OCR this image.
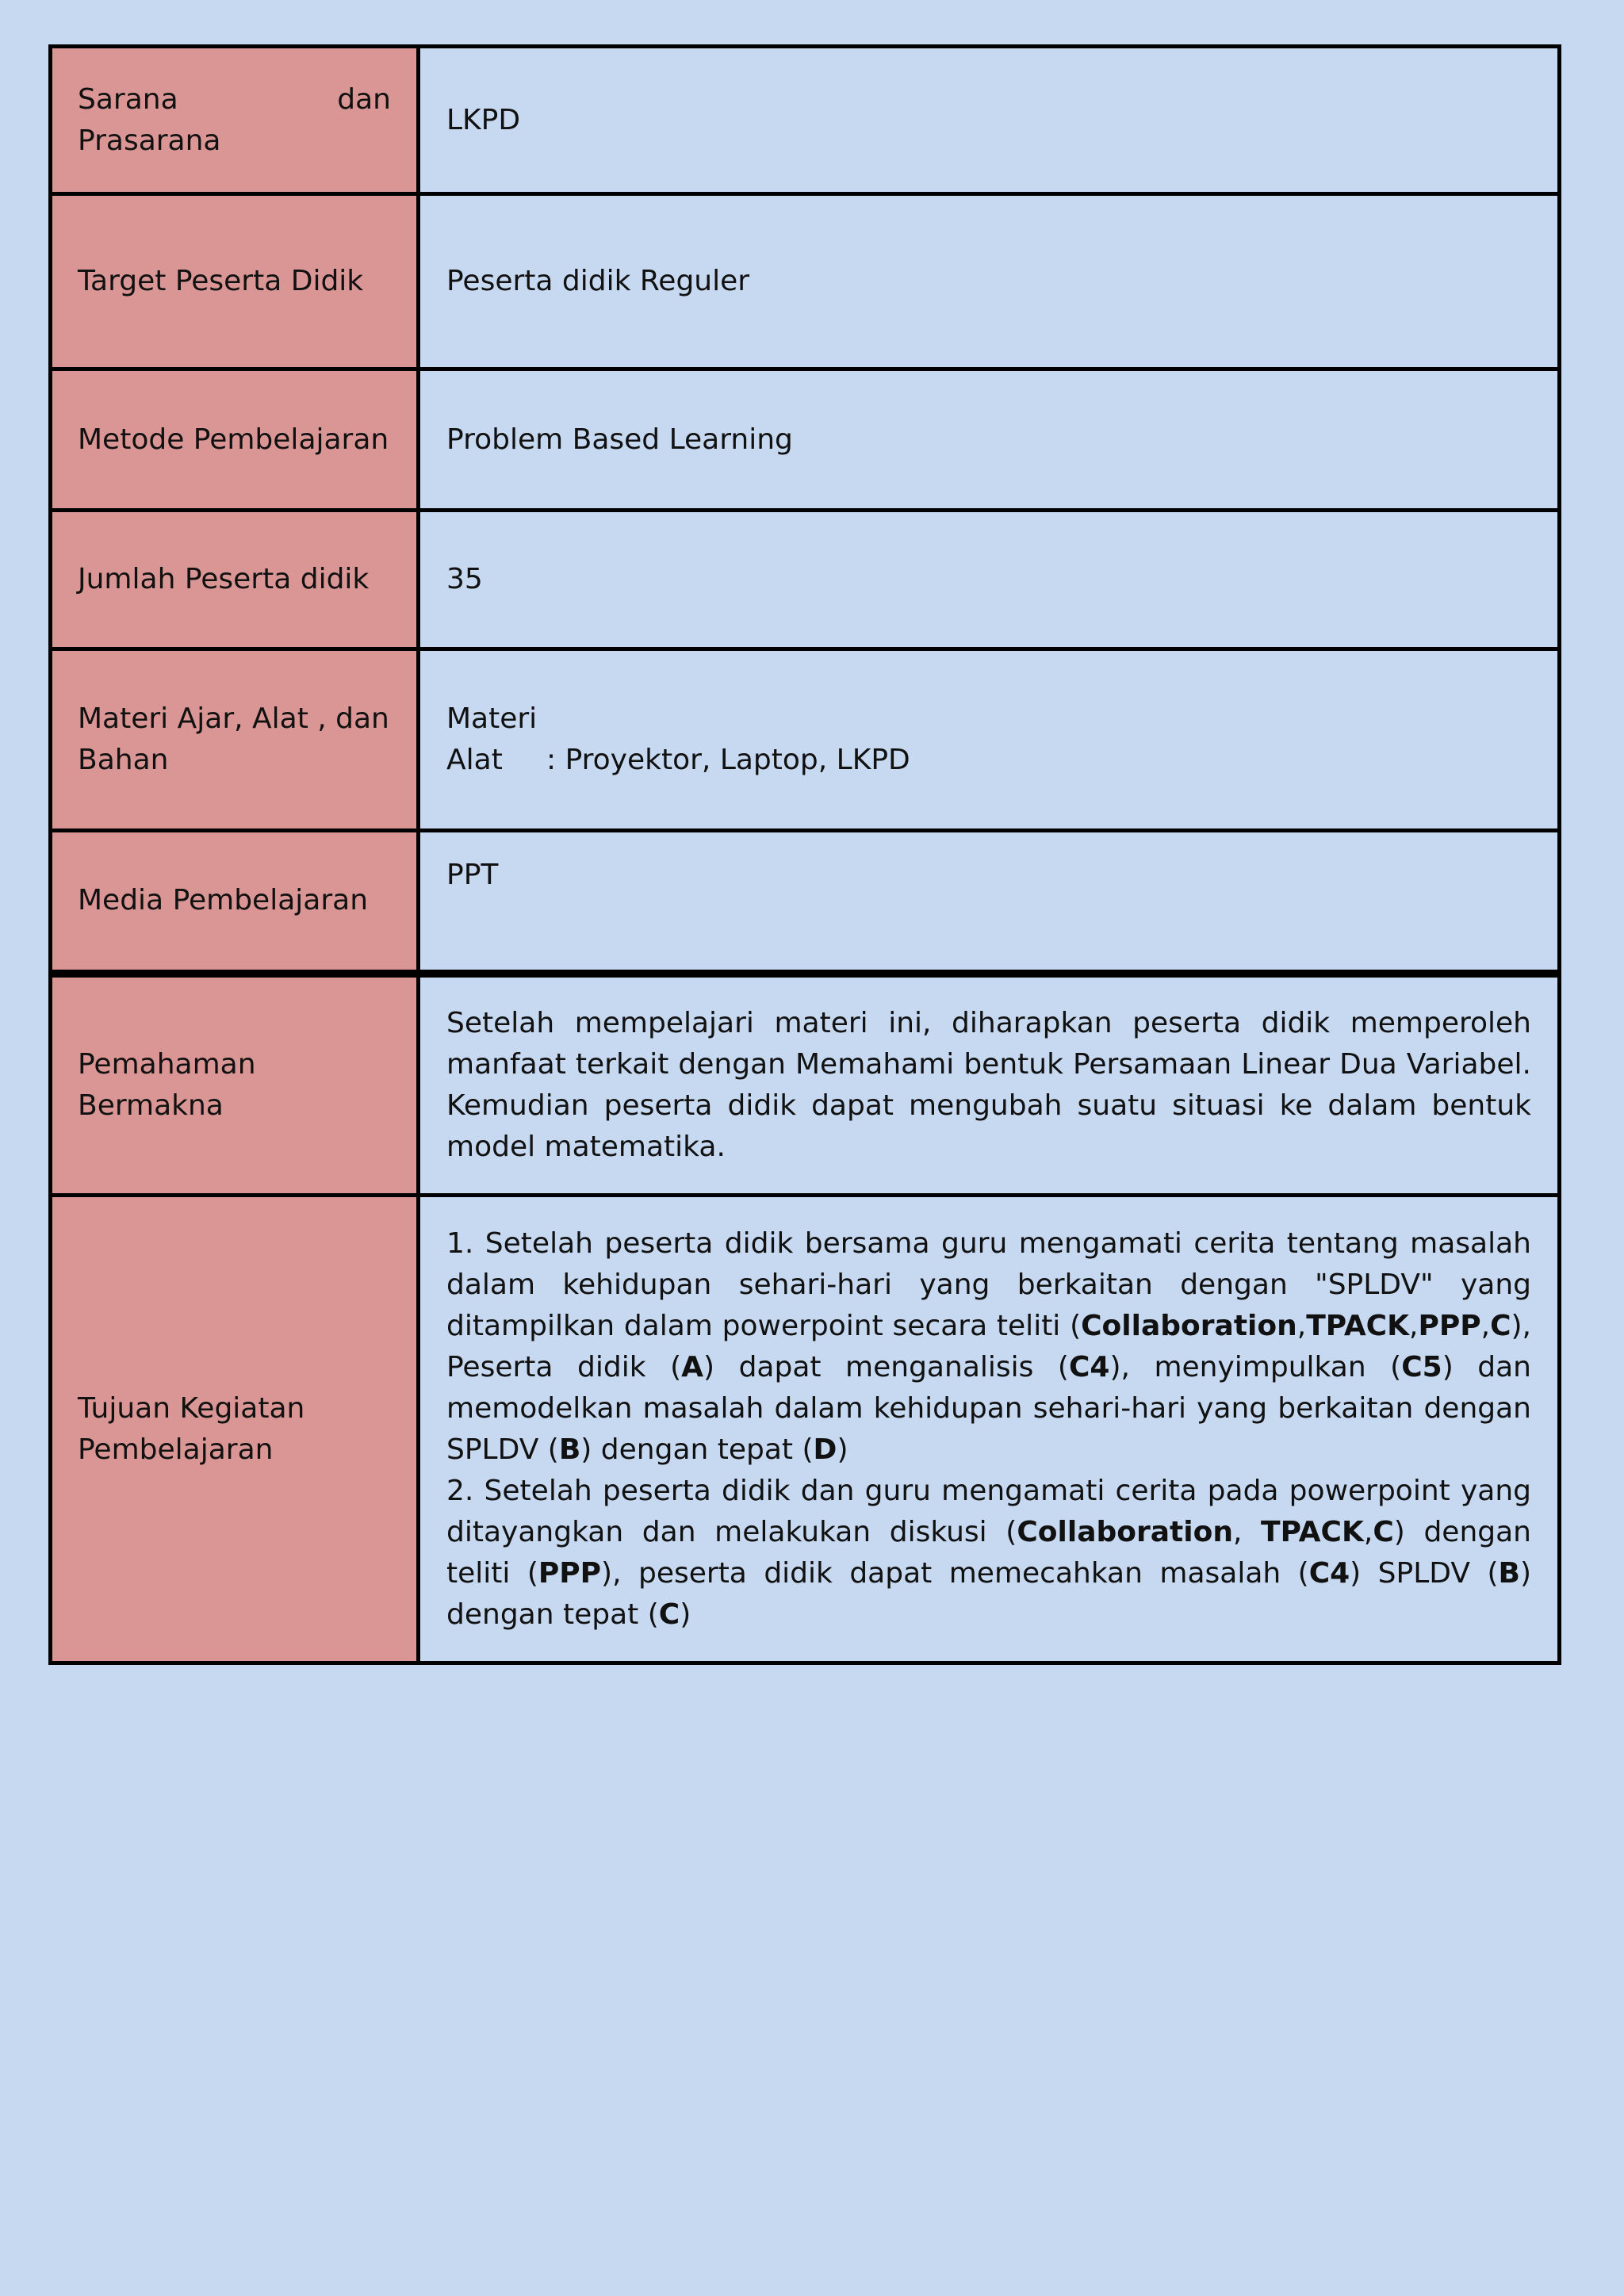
Sarana dan
Prasarana	LKPD
Target Peserta Didik	Peserta didik Reguler
Metode Pembelajaran	Problem Based Learning
Jumlah Peserta didik	35
Materi Ajar, Alat , dan Bahan	Materi
Alat : Proyektor, Laptop, LKPD

Media Pembelajaran	PPT
Pemahaman Bermakna	Setelah mempelajari materi ini, diharapkan peserta didik memperoleh manfaat terkait dengan Memahami bentuk Persamaan Linear Dua Variabel. Kemudian peserta didik dapat mengubah suatu situasi ke dalam bentuk model matematika.
Tujuan Kegiatan Pembelajaran	1. Setelah peserta didik bersama guru mengamati cerita tentang masalah dalam kehidupan sehari-hari yang berkaitan dengan "SPLDV" yang ditampilkan dalam powerpoint secara teliti (Collaboration,TPACK,PPP,C), Peserta didik (A) dapat menganalisis (C4), menyimpulkan (C5) dan memodelkan masalah dalam kehidupan sehari-hari yang berkaitan dengan SPLDV (B) dengan tepat (D)
2. Setelah peserta didik dan guru mengamati cerita pada powerpoint yang ditayangkan dan melakukan diskusi (Collaboration, TPACK,C) dengan teliti (PPP), peserta didik dapat memecahkan masalah (C4) SPLDV (B) dengan tepat (C)
